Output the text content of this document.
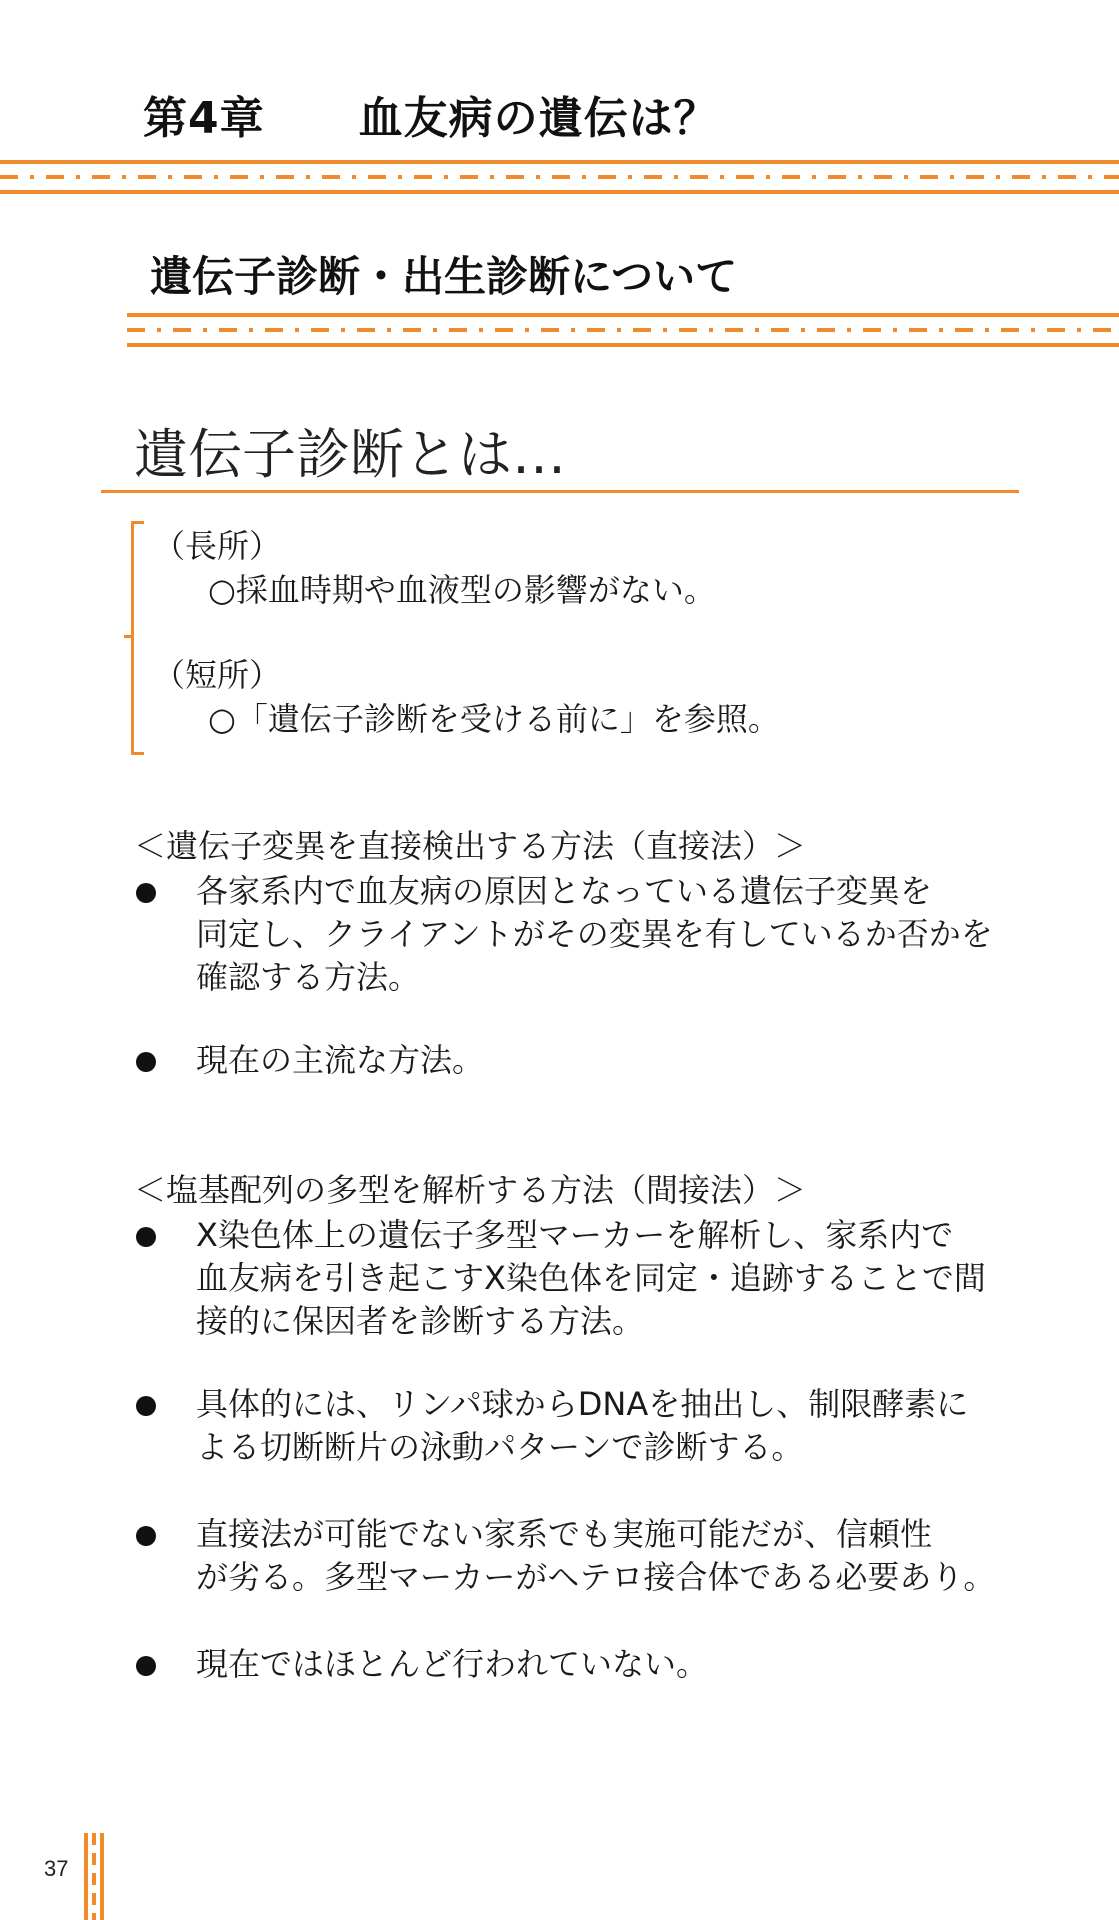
第4章 血友病の遺伝は？
遺伝子診断・出生診断について
遺伝子診断とは…
（長所）
○採血時期や血液型の影響がない。
（短所）
○「遺伝子診断を受ける前に」を参照。
＜遺伝子変異を直接検出する方法（直接法）＞
各家系内で血友病の原因となっている遺伝子変異を
同定し、クライアントがその変異を有しているか否かを
確認する方法。
現在の主流な方法。
＜塩基配列の多型を解析する方法（間接法）＞
X染色体上の遺伝子多型マーカーを解析し、家系内で
血友病を引き起こすX染色体を同定・追跡することで間
接的に保因者を診断する方法。
具体的には、リンパ球からDNAを抽出し、制限酵素に
よる切断断片の泳動パターンで診断する。
直接法が可能でない家系でも実施可能だが、信頼性
が劣る。多型マーカーがヘテロ接合体である必要あり。
現在ではほとんど行われていない。
37
